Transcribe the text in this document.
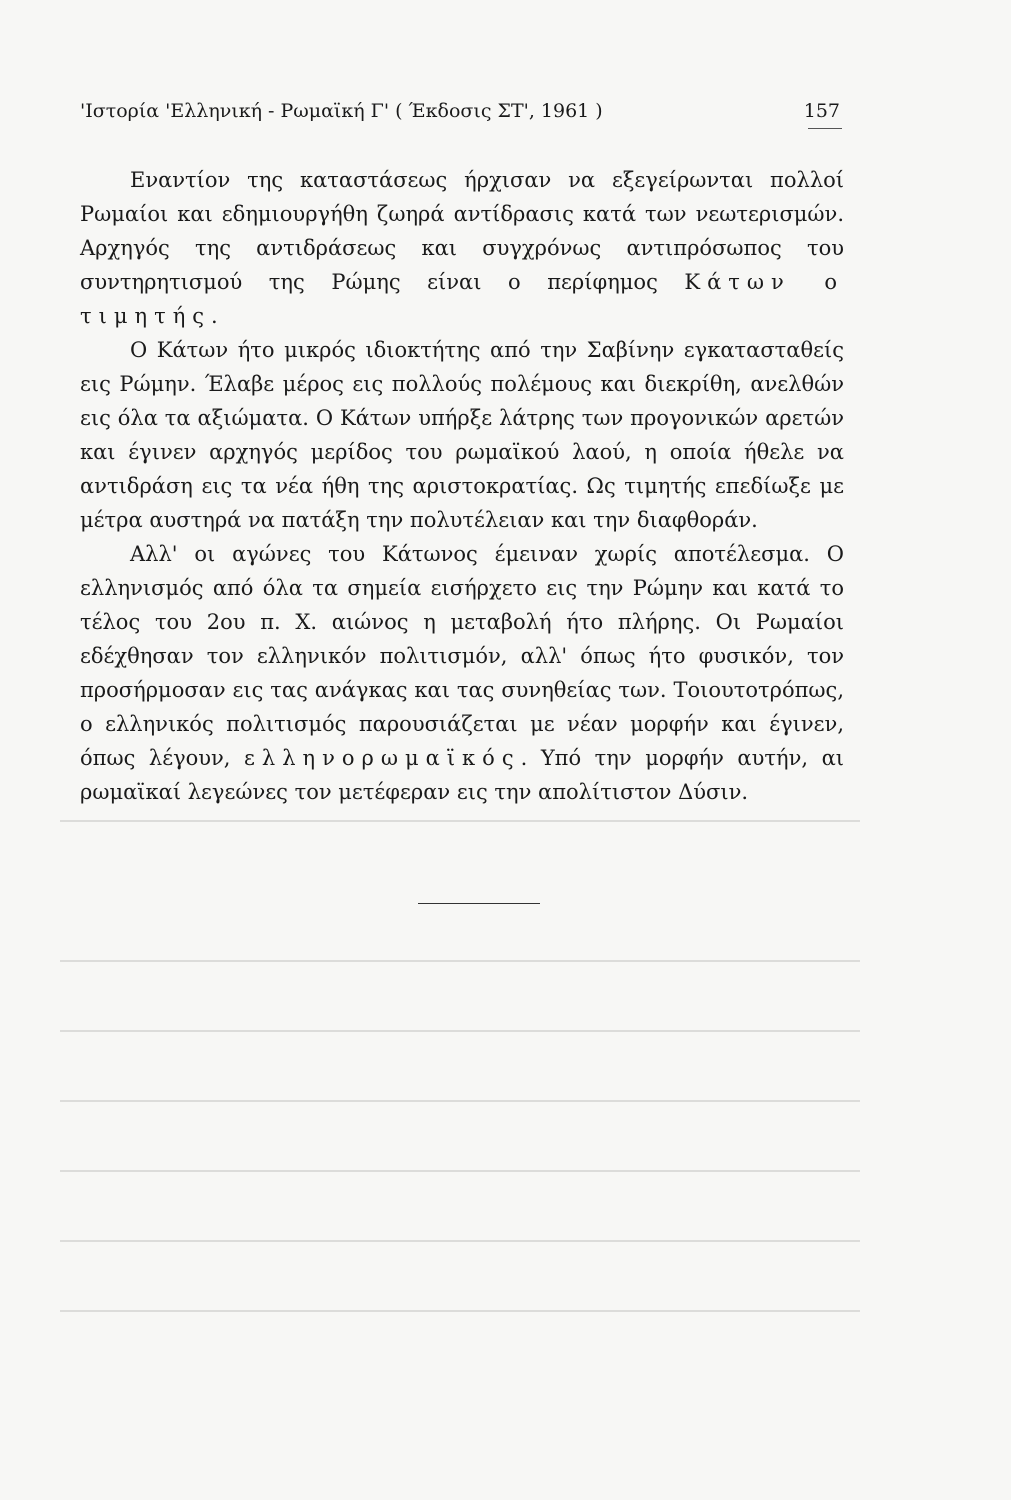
'Ιστορία 'Ελληνική - Ρωμαϊκή Γ' ( Έκδοσις ΣΤ', 1961 )	157

Εναντίον της καταστάσεως ήρχισαν να εξεγείρωνται πολλοί Ρωμαίοι και εδημιουργήθη ζωηρά αντίδρασις κατά των νεωτερισμών. Αρχηγός της αντιδράσεως και συγχρόνως αντιπρόσωπος του συντηρητισμού της Ρώμης είναι ο περίφημος Κάτων ο τιμητής.

Ο Κάτων ήτο μικρός ιδιοκτήτης από την Σαβίνην εγκατασταθείς εις Ρώμην. Έλαβε μέρος εις πολλούς πολέμους και διεκρίθη, ανελθών εις όλα τα αξιώματα. Ο Κάτων υπήρξε λάτρης των προγονικών αρετών και έγινεν αρχηγός μερίδος του ρωμαϊκού λαού, η οποία ήθελε να αντιδράση εις τα νέα ήθη της αριστοκρατίας. Ως τιμητής επεδίωξε με μέτρα αυστηρά να πατάξη την πολυτέλειαν και την διαφθοράν.

Αλλ' οι αγώνες του Κάτωνος έμειναν χωρίς αποτέλεσμα. Ο ελληνισμός από όλα τα σημεία εισήρχετο εις την Ρώμην και κατά το τέλος του 2ου π. Χ. αιώνος η μεταβολή ήτο πλήρης. Οι Ρωμαίοι εδέχθησαν τον ελληνικόν πολιτισμόν, αλλ' όπως ήτο φυσικόν, τον προσήρμοσαν εις τας ανάγκας και τας συνηθείας των. Τοιουτοτρόπως, ο ελληνικός πολιτισμός παρουσιάζεται με νέαν μορφήν και έγινεν, όπως λέγουν, ελληνορωμαϊκός. Υπό την μορφήν αυτήν, αι ρωμαϊκαί λεγεώνες τον μετέφεραν εις την απολίτιστον Δύσιν.
